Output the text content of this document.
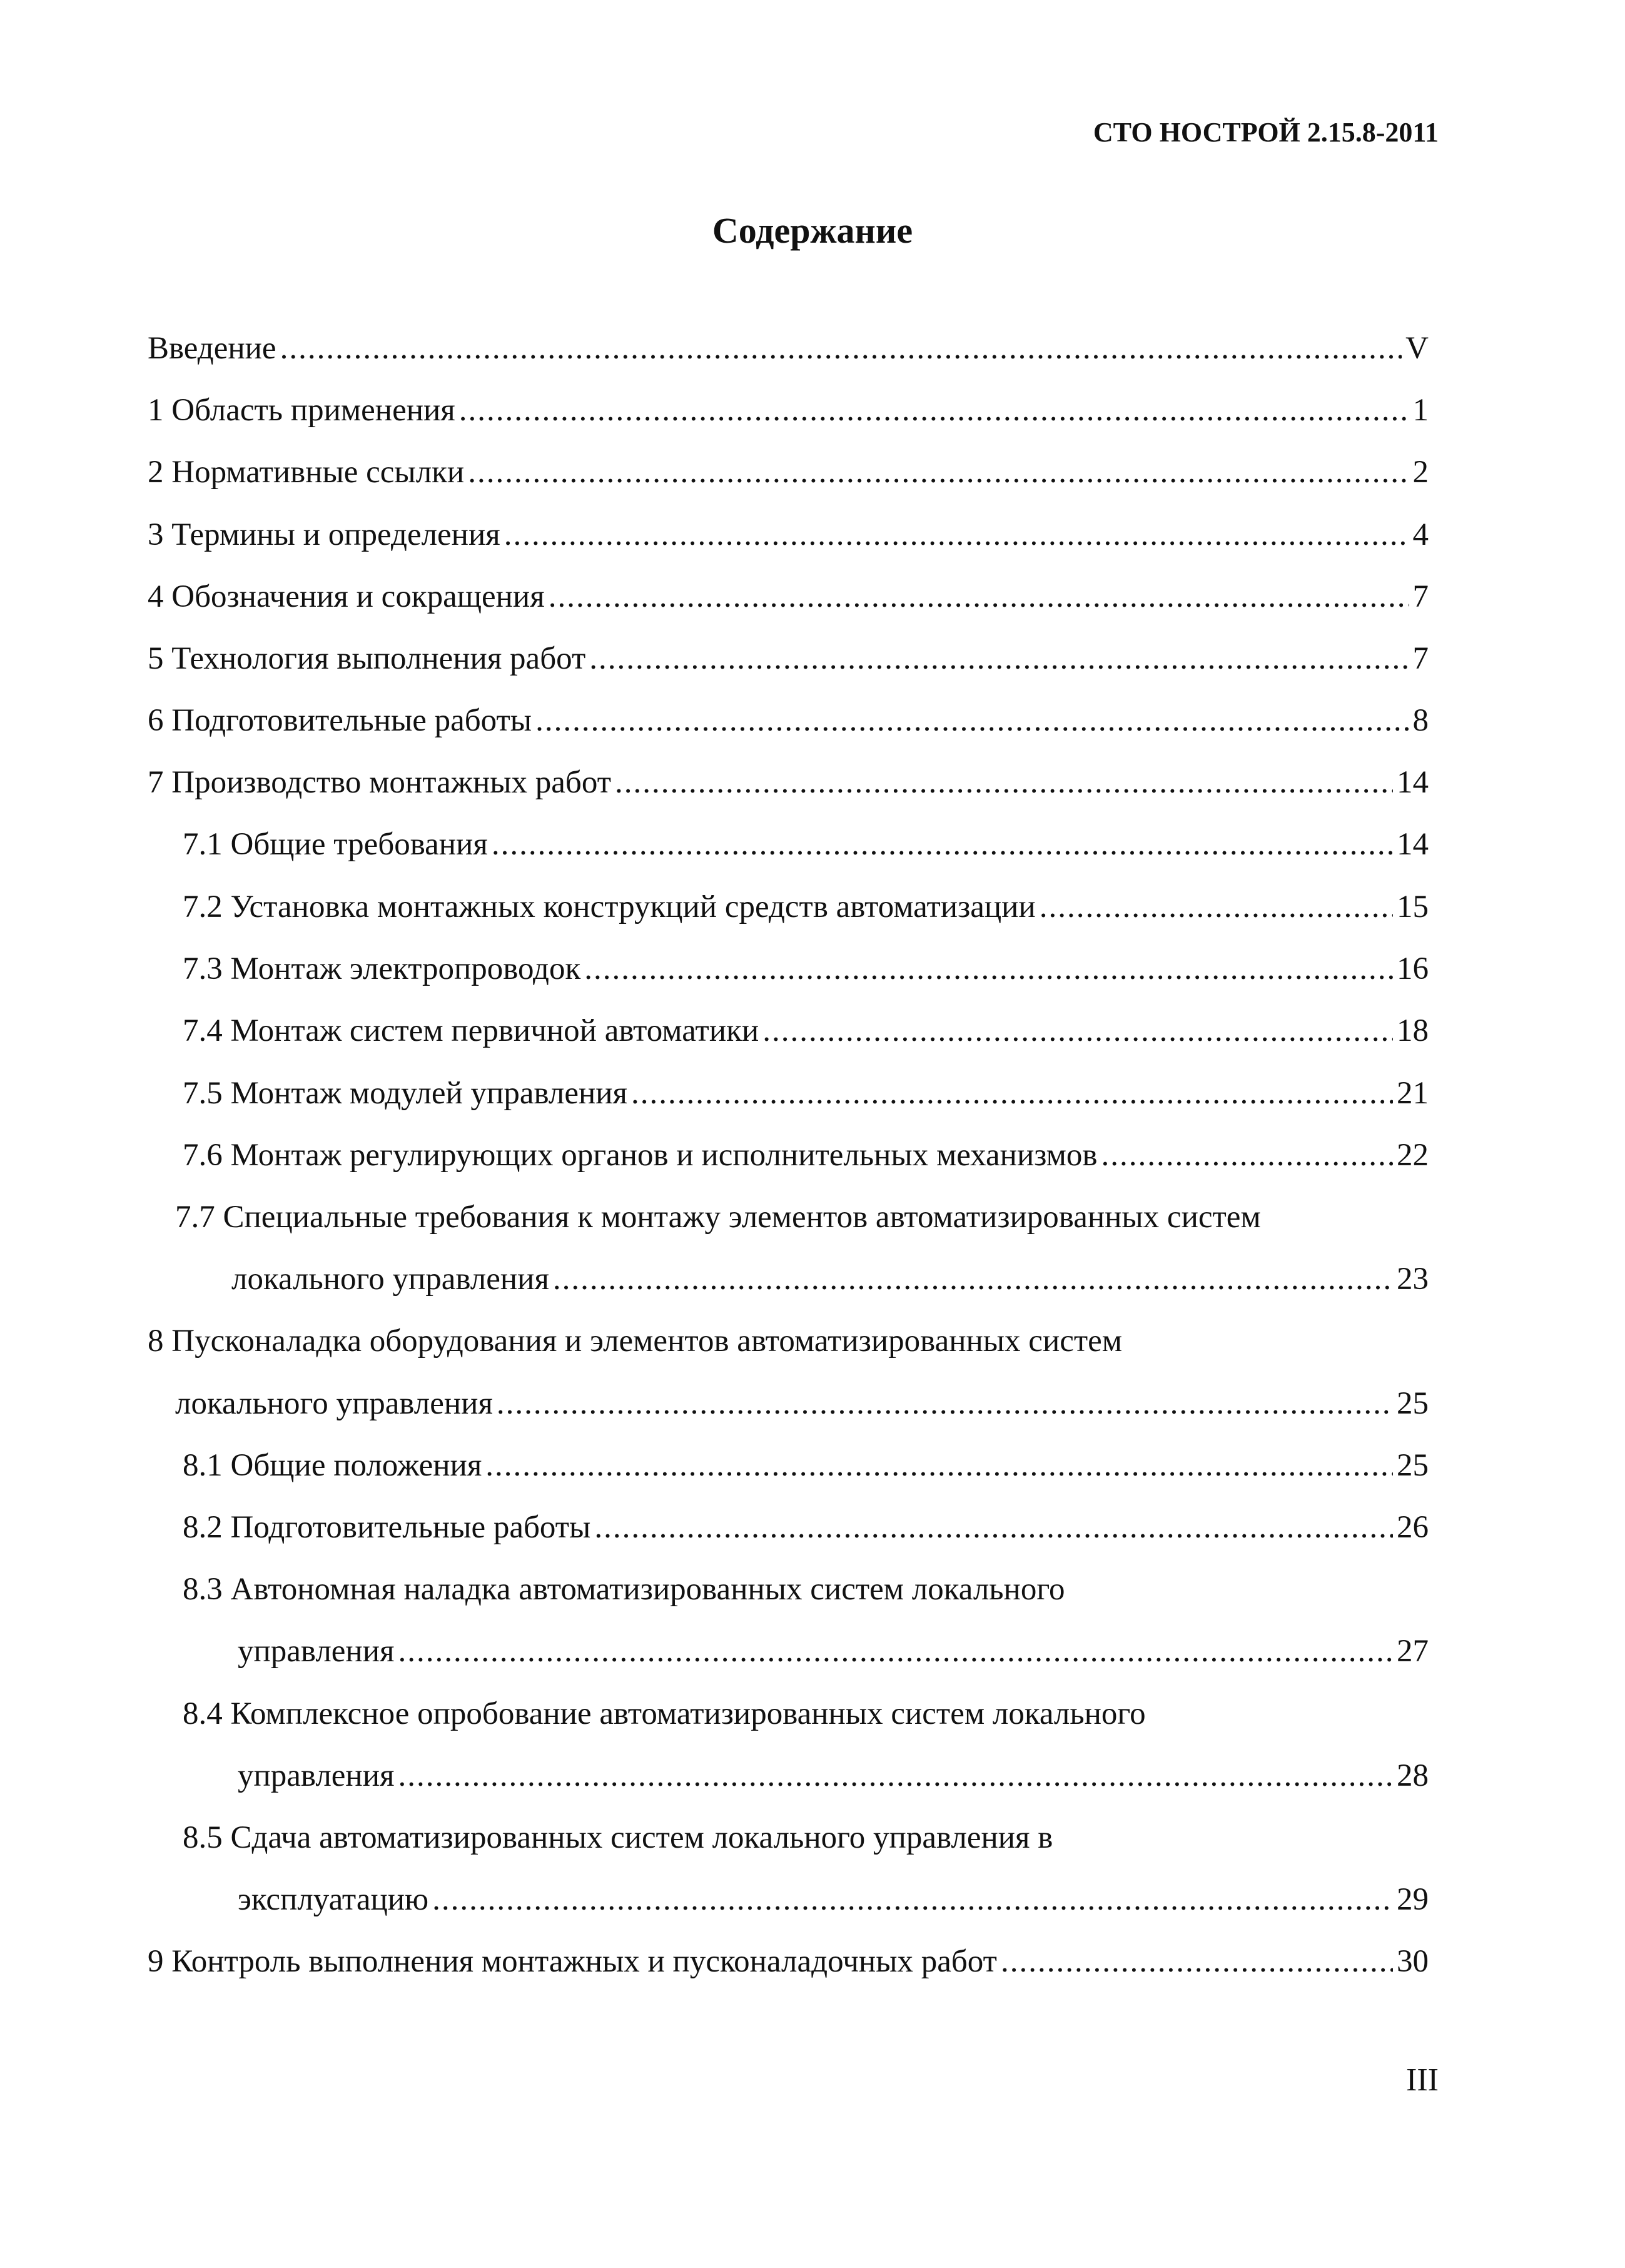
СТО НОСТРОЙ 2.15.8-2011
Содержание
Введение .....	V
1 Область применения .....	1
2 Нормативные ссылки .....	2
3 Термины и определения .....	4
4 Обозначения и сокращения .....	7
5 Технология выполнения работ .....	7
6 Подготовительные работы .....	8
7 Производство монтажных работ .....	14
7.1 Общие требования .....	14
7.2 Установка монтажных конструкций средств автоматизации .....	15
7.3 Монтаж электропроводок .....	16
7.4 Монтаж систем первичной автоматики .....	18
7.5 Монтаж модулей управления .....	21
7.6 Монтаж регулирующих органов и исполнительных механизмов .....	22
7.7 Специальные требования к монтажу элементов автоматизированных систем
локального управления .....	23
8 Пусконаладка оборудования и элементов автоматизированных систем
локального управления .....	25
8.1 Общие положения .....	25
8.2 Подготовительные работы .....	26
8.3 Автономная наладка автоматизированных систем локального
управления .....	27
8.4 Комплексное опробование автоматизированных систем локального
управления .....	28
8.5 Сдача автоматизированных систем локального управления в
эксплуатацию .....	29
9 Контроль выполнения монтажных и пусконаладочных работ .....	30
III
